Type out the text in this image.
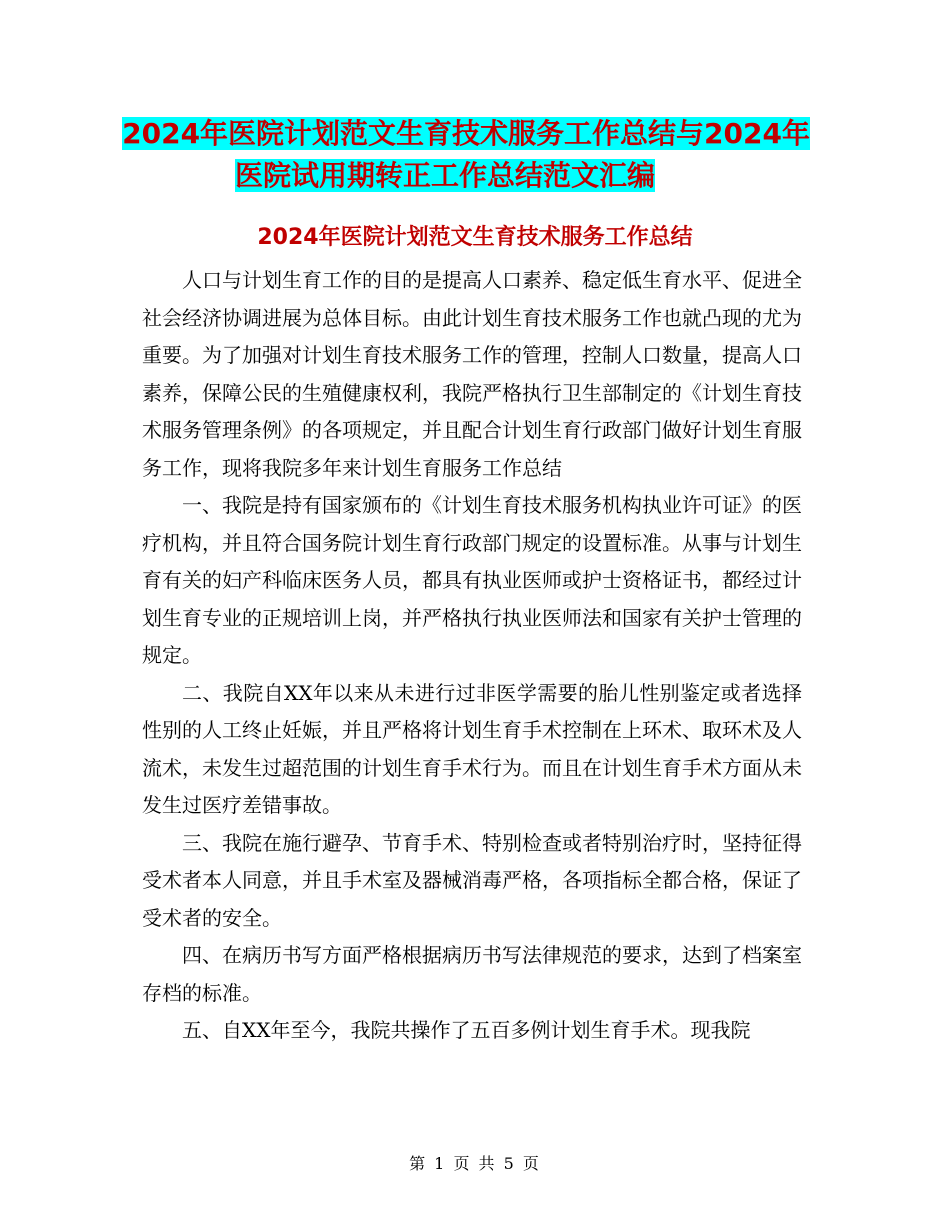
2024年医院计划范文生育技术服务工作总结与2024年
医院试用期转正工作总结范文汇编
2024年医院计划范文生育技术服务工作总结

人口与计划生育工作的目的是提高人口素养、稳定低生育水平、促进全社会经济协调进展为总体目标。由此计划生育技术服务工作也就凸现的尤为重要。为了加强对计划生育技术服务工作的管理，控制人口数量，提高人口素养，保障公民的生殖健康权利，我院严格执行卫生部制定的《计划生育技术服务管理条例》的各项规定，并且配合计划生育行政部门做好计划生育服务工作，现将我院多年来计划生育服务工作总结

一、我院是持有国家颁布的《计划生育技术服务机构执业许可证》的医疗机构，并且符合国务院计划生育行政部门规定的设置标准。从事与计划生育有关的妇产科临床医务人员，都具有执业医师或护士资格证书，都经过计划生育专业的正规培训上岗，并严格执行执业医师法和国家有关护士管理的规定。

二、我院自XX年以来从未进行过非医学需要的胎儿性别鉴定或者选择性别的人工终止妊娠，并且严格将计划生育手术控制在上环术、取环术及人流术，未发生过超范围的计划生育手术行为。而且在计划生育手术方面从未发生过医疗差错事故。

三、我院在施行避孕、节育手术、特别检查或者特别治疗时，坚持征得受术者本人同意，并且手术室及器械消毒严格，各项指标全都合格，保证了受术者的安全。

四、在病历书写方面严格根据病历书写法律规范的要求，达到了档案室存档的标准。

五、自XX年至今，我院共操作了五百多例计划生育手术。现我院

第 1 页 共 5 页
